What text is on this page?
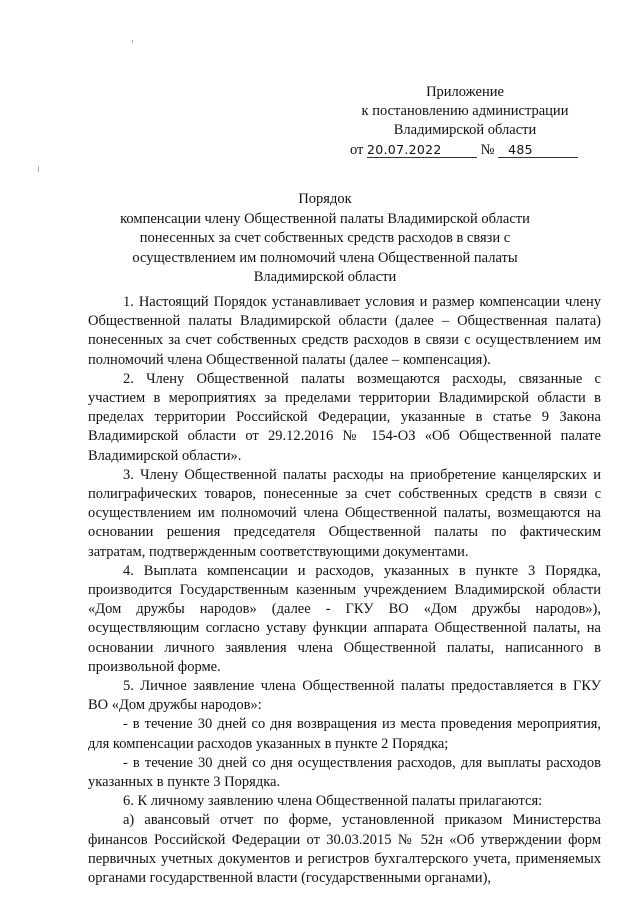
Приложение
к постановлению администрации
Владимирской области
от 20.07.2022	№ 485
Порядок
компенсации члену Общественной палаты Владимирской области
понесенных за счет собственных средств расходов в связи с
осуществлением им полномочий члена Общественной палаты
Владимирской области

1. Настоящий Порядок устанавливает условия и размер компенсации члену Общественной палаты Владимирской области (далее – Общественная палата) понесенных за счет собственных средств расходов в связи с осуществлением им полномочий члена Общественной палаты (далее – компенсация).

2. Члену Общественной палаты возмещаются расходы, связанные с участием в мероприятиях за пределами территории Владимирской области в пределах территории Российской Федерации, указанные в статье 9 Закона Владимирской области от 29.12.2016 № 154-ОЗ «Об Общественной палате Владимирской области».

3. Члену Общественной палаты расходы на приобретение канцелярских и полиграфических товаров, понесенные за счет собственных средств в связи с осуществлением им полномочий члена Общественной палаты, возмещаются на основании решения председателя Общественной палаты по фактическим затратам, подтвержденным соответствующими документами.

4. Выплата компенсации и расходов, указанных в пункте 3 Порядка, производится Государственным казенным учреждением Владимирской области «Дом дружбы народов» (далее - ГКУ ВО «Дом дружбы народов»), осуществляющим согласно уставу функции аппарата Общественной палаты, на основании личного заявления члена Общественной палаты, написанного в произвольной форме.

5. Личное заявление члена Общественной палаты предоставляется в ГКУ ВО «Дом дружбы народов»:

- в течение 30 дней со дня возвращения из места проведения мероприятия, для компенсации расходов указанных в пункте 2 Порядка;

- в течение 30 дней со дня осуществления расходов, для выплаты расходов указанных в пункте 3 Порядка.

6. К личному заявлению члена Общественной палаты прилагаются:

а) авансовый отчет по форме, установленной приказом Министерства финансов Российской Федерации от 30.03.2015 № 52н «Об утверждении форм первичных учетных документов и регистров бухгалтерского учета, применяемых органами государственной власти (государственными органами),
